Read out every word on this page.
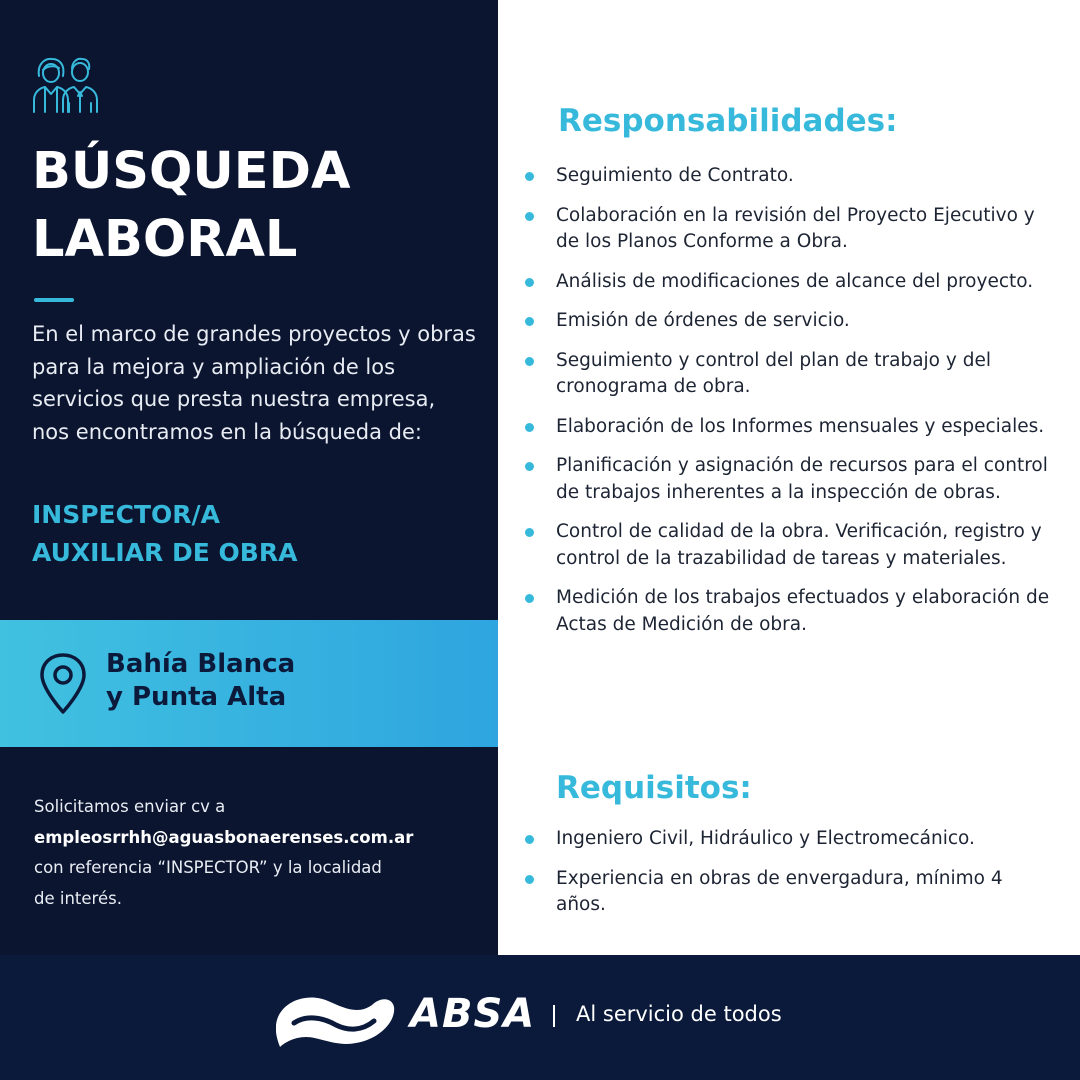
BÚSQUEDA
LABORAL

En el marco de grandes proyectos y obras para la mejora y ampliación de los servicios que presta nuestra empresa, nos encontramos en la búsqueda de:

INSPECTOR/A
AUXILIAR DE OBRA
Bahía Blanca
y Punta Alta
Solicitamos enviar cv a
empleosrrhh@aguasbonaerenses.com.ar
con referencia “INSPECTOR” y la localidad
de interés.
Responsabilidades:
Seguimiento de Contrato.
Colaboración en la revisión del Proyecto Ejecutivo y de los Planos Conforme a Obra.
Análisis de modificaciones de alcance del proyecto.
Emisión de órdenes de servicio.
Seguimiento y control del plan de trabajo y del cronograma de obra.
Elaboración de los Informes mensuales y especiales.
Planificación y asignación de recursos para el control de trabajos inherentes a la inspección de obras.
Control de calidad de la obra. Verificación, registro y control de la trazabilidad de tareas y materiales.
Medición de los trabajos efectuados y elaboración de Actas de Medición de obra.
Requisitos:
Ingeniero Civil, Hidráulico y Electromecánico.
Experiencia en obras de envergadura, mínimo 4 años.
ABSA Al servicio de todos
